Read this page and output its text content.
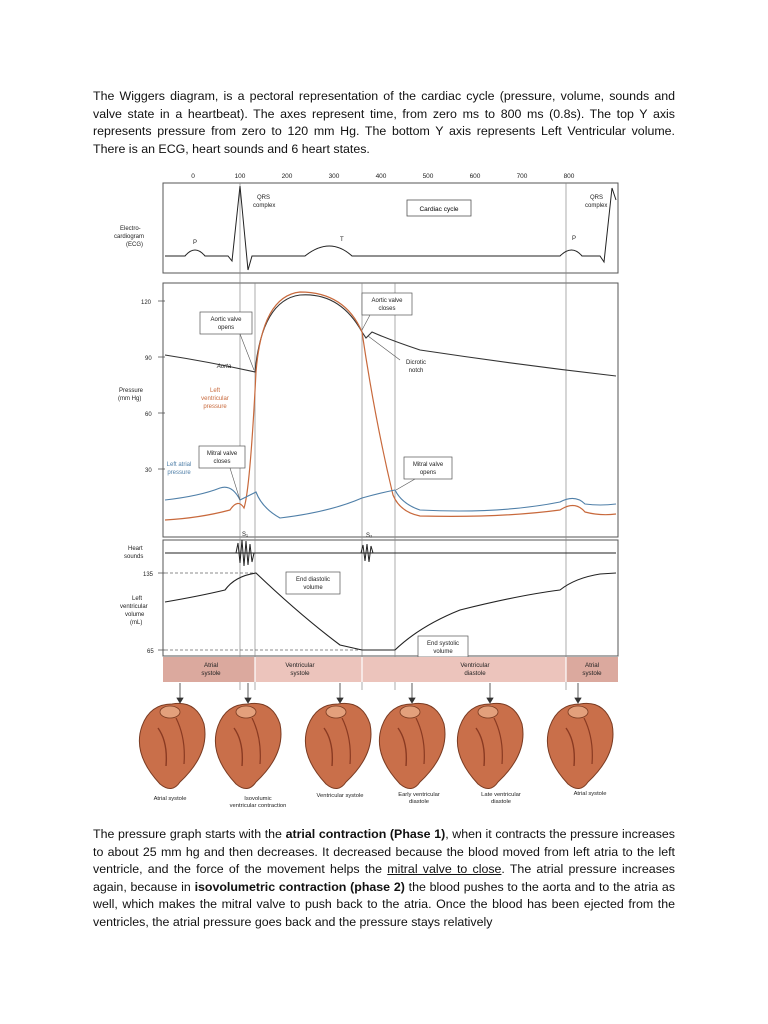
The Wiggers diagram, is a pectoral representation of the cardiac cycle (pressure, volume, sounds and valve state in a heartbeat). The axes represent time, from zero ms to 800 ms (0.8s). The top Y axis represents pressure from zero to 120 mm Hg. The bottom Y axis represents Left Ventricular volume. There is an ECG, heart sounds and 6 heart states.

0	100	200	300	400	500	600	700	800
Electro-
cardiogram
(ECG)	P	T	P
QRS
complex
QRS
complex
Cardiac cycle
Pressure
(mm Hg)
120
90
60
30
Aortic valve
opens
Aortic valve
closes
Aorta
Left
ventricular
pressure
Dicrotic
notch
Mitral valve
closes	Mitral valve
opens
Left atrial
pressure
Heart
sounds
S₁	S₂
Left
ventricular
volume
(mL)
135
65
End diastolic
volume
End systolic
volume
Atrial
systole
Ventricular
systole
Ventricular
diastole
Atrial
systole
Atrial systole	Isovolumic
ventricular contraction
Ventricular systole	Early ventricular
diastole
Late ventricular
diastole
Atrial systole

The pressure graph starts with the atrial contraction (Phase 1), when it contracts the pressure increases to about 25 mm hg and then decreases. It decreased because the blood moved from left atria to the left ventricle, and the force of the movement helps the mitral valve to close. The atrial pressure increases again, because in isovolumetric contraction (phase 2) the blood pushes to the aorta and to the atria as well, which makes the mitral valve to push back to the atria. Once the blood has been ejected from the ventricles, the atrial pressure goes back and the pressure stays relatively
